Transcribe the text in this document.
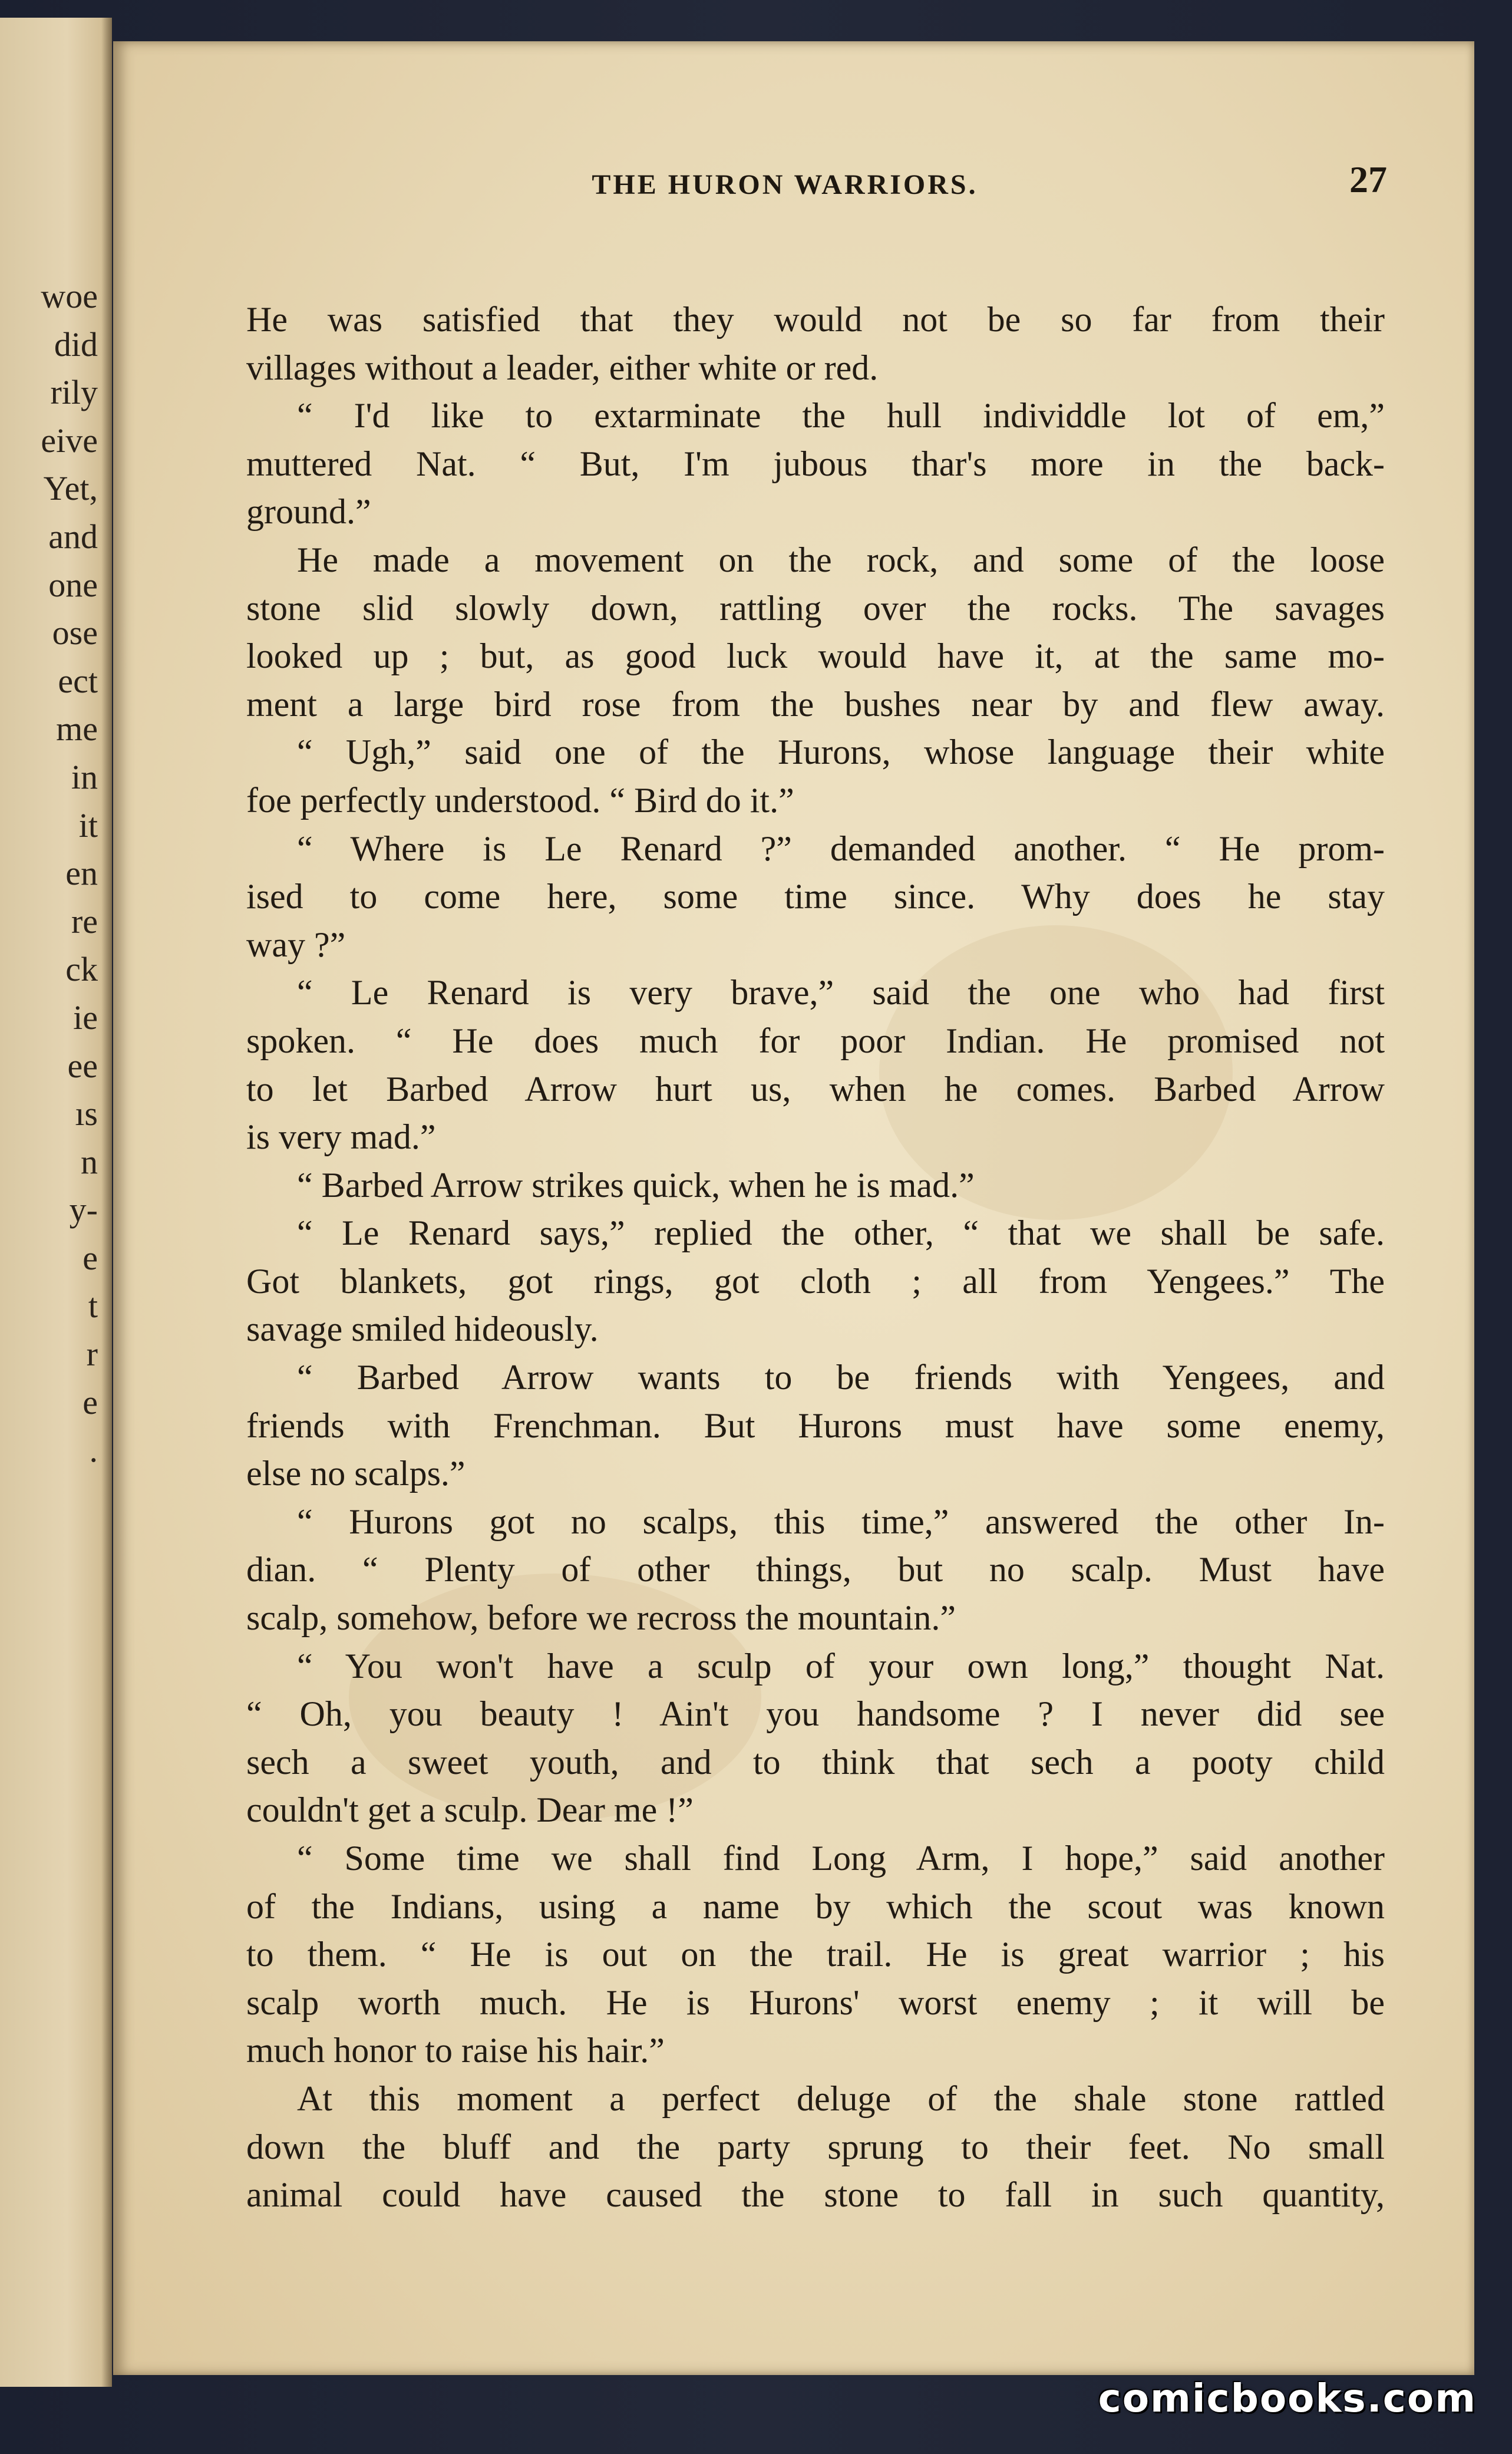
woe
did
rily
eive
Yet,
and
one
ose
ect
me
in
it
en
re
ck
ie
ee
ıs
n
y-
e
t
r
e
.
THE HURON WARRIORS.	27
He was satisfied that they would not be so far from their
villages without a leader, either white or red.
“ I'd like to extarminate the hull individdle lot of em,”
muttered Nat. “ But, I'm jubous thar's more in the back-
ground.”
He made a movement on the rock, and some of the loose
stone slid slowly down, rattling over the rocks. The savages
looked up ; but, as good luck would have it, at the same mo-
ment a large bird rose from the bushes near by and flew away.
“ Ugh,” said one of the Hurons, whose language their white
foe perfectly understood. “ Bird do it.”
“ Where is Le Renard ?” demanded another. “ He prom-
ised to come here, some time since. Why does he stay
way ?”
“ Le Renard is very brave,” said the one who had first
spoken. “ He does much for poor Indian. He promised not
to let Barbed Arrow hurt us, when he comes. Barbed Arrow
is very mad.”
“ Barbed Arrow strikes quick, when he is mad.”
“ Le Renard says,” replied the other, “ that we shall be safe.
Got blankets, got rings, got cloth ; all from Yengees.” The
savage smiled hideously.
“ Barbed Arrow wants to be friends with Yengees, and
friends with Frenchman. But Hurons must have some enemy,
else no scalps.”
“ Hurons got no scalps, this time,” answered the other In-
dian. “ Plenty of other things, but no scalp. Must have
scalp, somehow, before we recross the mountain.”
“ You won't have a sculp of your own long,” thought Nat.
“ Oh, you beauty ! Ain't you handsome ? I never did see
sech a sweet youth, and to think that sech a pooty child
couldn't get a sculp. Dear me !”
“ Some time we shall find Long Arm, I hope,” said another
of the Indians, using a name by which the scout was known
to them. “ He is out on the trail. He is great warrior ; his
scalp worth much. He is Hurons' worst enemy ; it will be
much honor to raise his hair.”
At this moment a perfect deluge of the shale stone rattled
down the bluff and the party sprung to their feet. No small
animal could have caused the stone to fall in such quantity,
comicbooks.com
